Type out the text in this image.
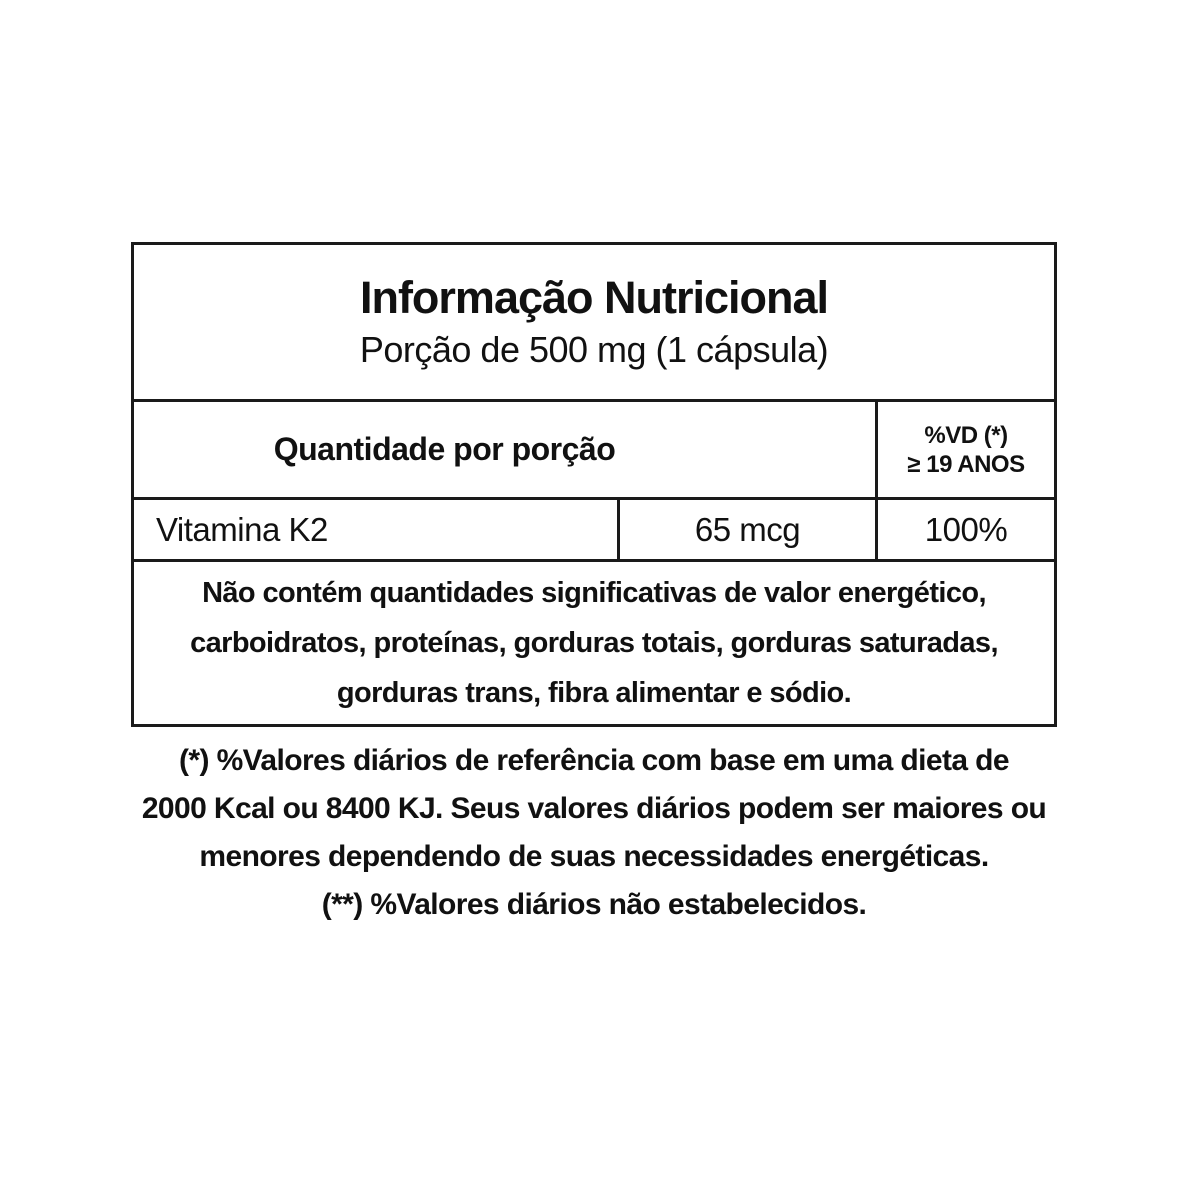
Informação Nutricional
Porção de 500 mg (1 cápsula)
Quantidade por porção	%VD (*)
≥ 19 ANOS
Vitamina K2	65 mcg	100%
Não contém quantidades significativas de valor energético,
carboidratos, proteínas, gorduras totais, gorduras saturadas,
gorduras trans, fibra alimentar e sódio.
(*) %Valores diários de referência com base em uma dieta de
2000 Kcal ou 8400 KJ. Seus valores diários podem ser maiores ou
menores dependendo de suas necessidades energéticas.
(**) %Valores diários não estabelecidos.
